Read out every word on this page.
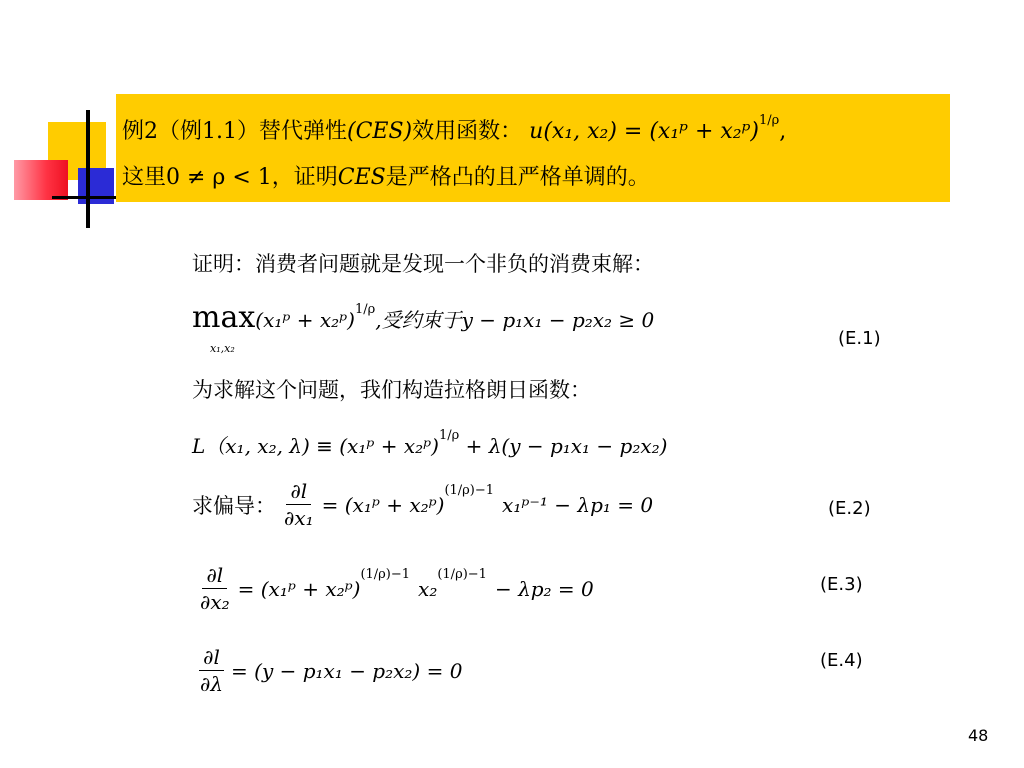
例2（例1.1）替代弹性(CES)效用函数： u(x₁, x₂) = (x₁ᵖ + x₂ᵖ)$^{1/\rho}$,
这里0 ≠ ρ < 1，证明CES是严格凸的且严格单调的。
证明：消费者问题就是发现一个非负的消费束解：
max(x₁ᵖ + x₂ᵖ)$^{1/\rho}$,受约束于y − p₁x₁ − p₂x₂ ≥ 0
x₁,x₂	(E.1)
为求解这个问题，我们构造拉格朗日函数：
L（x₁, x₂, λ) ≡ (x₁ᵖ + x₂ᵖ)$^{1/\rho}$ + λ(y − p₁x₁ − p₂x₂)
求偏导： $\frac{\partial l}{\text{∂x₁}}$ = (x₁ᵖ + x₂ᵖ)
(1/ρ)−1
x₁ᵖ⁻¹ − λp₁ = 0	(E.2)
$\frac{\partial l}{\text{∂x₂}}$ = (x₁ᵖ + x₂ᵖ)
(1/ρ)−1
x₂
(1/ρ)−1
− λp₂ = 0	(E.3)
$\frac{\partial l}{\partial\lambda} = (y - p_1x_1 - p_2x_2) = 0$	(E.4)
48
